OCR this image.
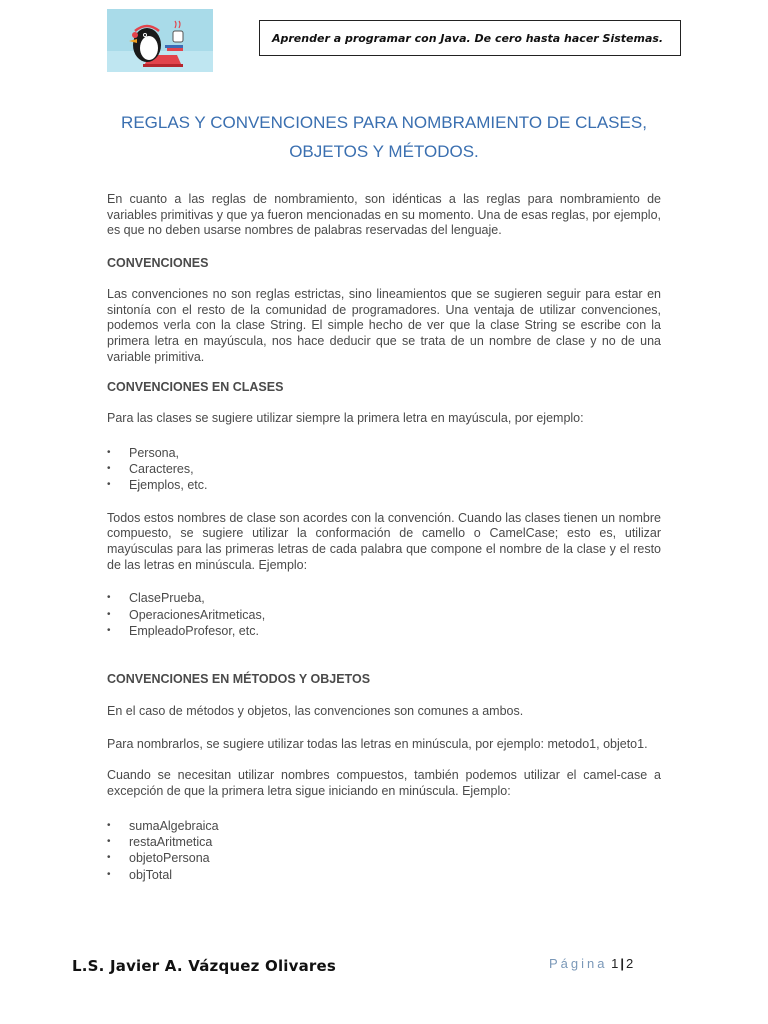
Aprender a programar con Java. De cero hasta hacer Sistemas.
REGLAS Y CONVENCIONES PARA NOMBRAMIENTO DE CLASES,
OBJETOS Y MÉTODOS.

En cuanto a las reglas de nombramiento, son idénticas a las reglas para nombramiento de variables primitivas y que ya fueron mencionadas en su momento. Una de esas reglas, por ejemplo, es que no deben usarse nombres de palabras reservadas del lenguaje.

CONVENCIONES

Las convenciones no son reglas estrictas, sino lineamientos que se sugieren seguir para estar en sintonía con el resto de la comunidad de programadores. Una ventaja de utilizar convenciones, podemos verla con la clase String. El simple hecho de ver que la clase String se escribe con la primera letra en mayúscula, nos hace deducir que se trata de un nombre de clase y no de una variable primitiva.

CONVENCIONES EN CLASES

Para las clases se sugiere utilizar siempre la primera letra en mayúscula, por ejemplo:

• Persona,
• Caracteres,
• Ejemplos, etc.

Todos estos nombres de clase son acordes con la convención. Cuando las clases tienen un nombre compuesto, se sugiere utilizar la conformación de camello o CamelCase; esto es, utilizar mayúsculas para las primeras letras de cada palabra que compone el nombre de la clase y el resto de las letras en minúscula. Ejemplo:

• ClasePrueba,
• OperacionesAritmeticas,
• EmpleadoProfesor, etc.
CONVENCIONES EN MÉTODOS Y OBJETOS

En el caso de métodos y objetos, las convenciones son comunes a ambos.

Para nombrarlos, se sugiere utilizar todas las letras en minúscula, por ejemplo: metodo1, objeto1.

Cuando se necesitan utilizar nombres compuestos, también podemos utilizar el camel-case a excepción de que la primera letra sigue iniciando en minúscula. Ejemplo:

• sumaAlgebraica
• restaAritmetica
• objetoPersona
• objTotal
L.S. Javier A. Vázquez Olivares	Página 1 | 2
